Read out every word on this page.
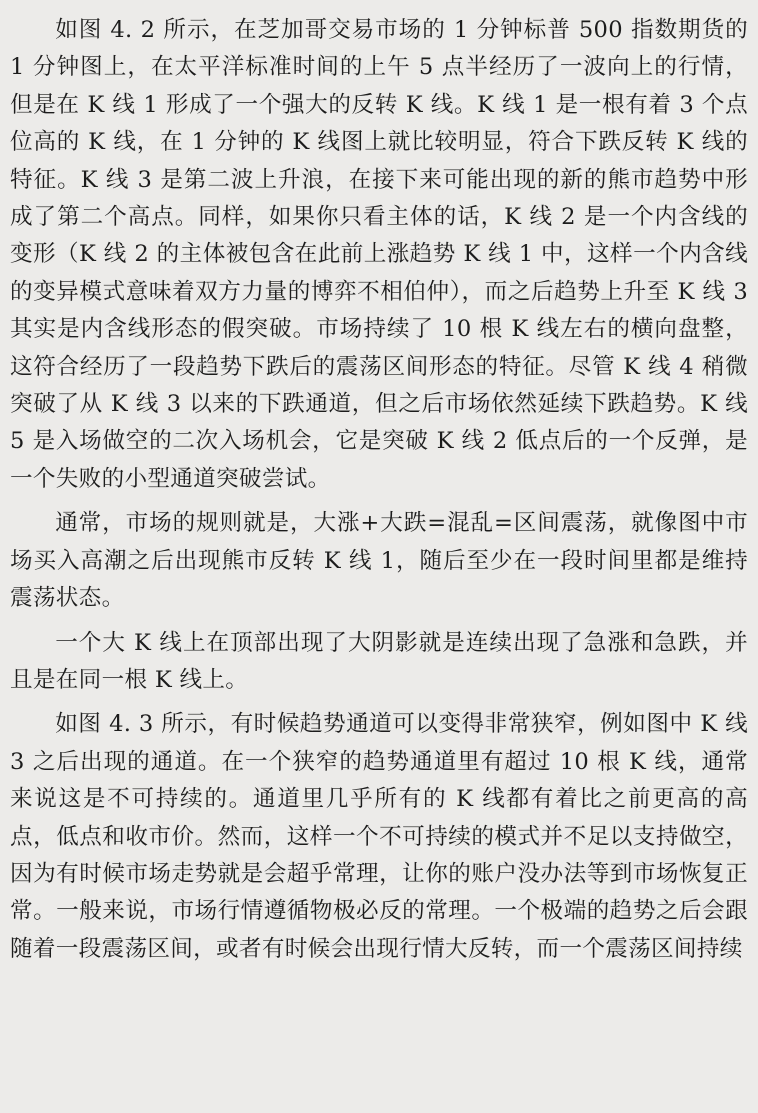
如图 4. 2 所示，在芝加哥交易市场的 1 分钟标普 500 指数期货的 1 分钟图上，在太平洋标准时间的上午 5 点半经历了一波向上的行情，但是在 K 线 1 形成了一个强大的反转 K 线。K 线 1 是一根有着 3 个点位高的 K 线，在 1 分钟的 K 线图上就比较明显，符合下跌反转 K 线的特征。K 线 3 是第二波上升浪，在接下来可能出现的新的熊市趋势中形成了第二个高点。同样，如果你只看主体的话，K 线 2 是一个内含线的变形（K 线 2 的主体被包含在此前上涨趋势 K 线 1 中，这样一个内含线的变异模式意味着双方力量的博弈不相伯仲），而之后趋势上升至 K 线 3 其实是内含线形态的假突破。市场持续了 10 根 K 线左右的横向盘整，这符合经历了一段趋势下跌后的震荡区间形态的特征。尽管 K 线 4 稍微突破了从 K 线 3 以来的下跌通道，但之后市场依然延续下跌趋势。K 线 5 是入场做空的二次入场机会，它是突破 K 线 2 低点后的一个反弹，是一个失败的小型通道突破尝试。

通常，市场的规则就是，大涨+大跌=混乱=区间震荡，就像图中市场买入高潮之后出现熊市反转 K 线 1，随后至少在一段时间里都是维持震荡状态。

一个大 K 线上在顶部出现了大阴影就是连续出现了急涨和急跌，并且是在同一根 K 线上。

如图 4. 3 所示，有时候趋势通道可以变得非常狭窄，例如图中 K 线 3 之后出现的通道。在一个狭窄的趋势通道里有超过 10 根 K 线，通常来说这是不可持续的。通道里几乎所有的 K 线都有着比之前更高的高点，低点和收市价。然而，这样一个不可持续的模式并不足以支持做空，因为有时候市场走势就是会超乎常理，让你的账户没办法等到市场恢复正常。一般来说，市场行情遵循物极必反的常理。一个极端的趋势之后会跟随着一段震荡区间，或者有时候会出现行情大反转，而一个震荡区间持续
